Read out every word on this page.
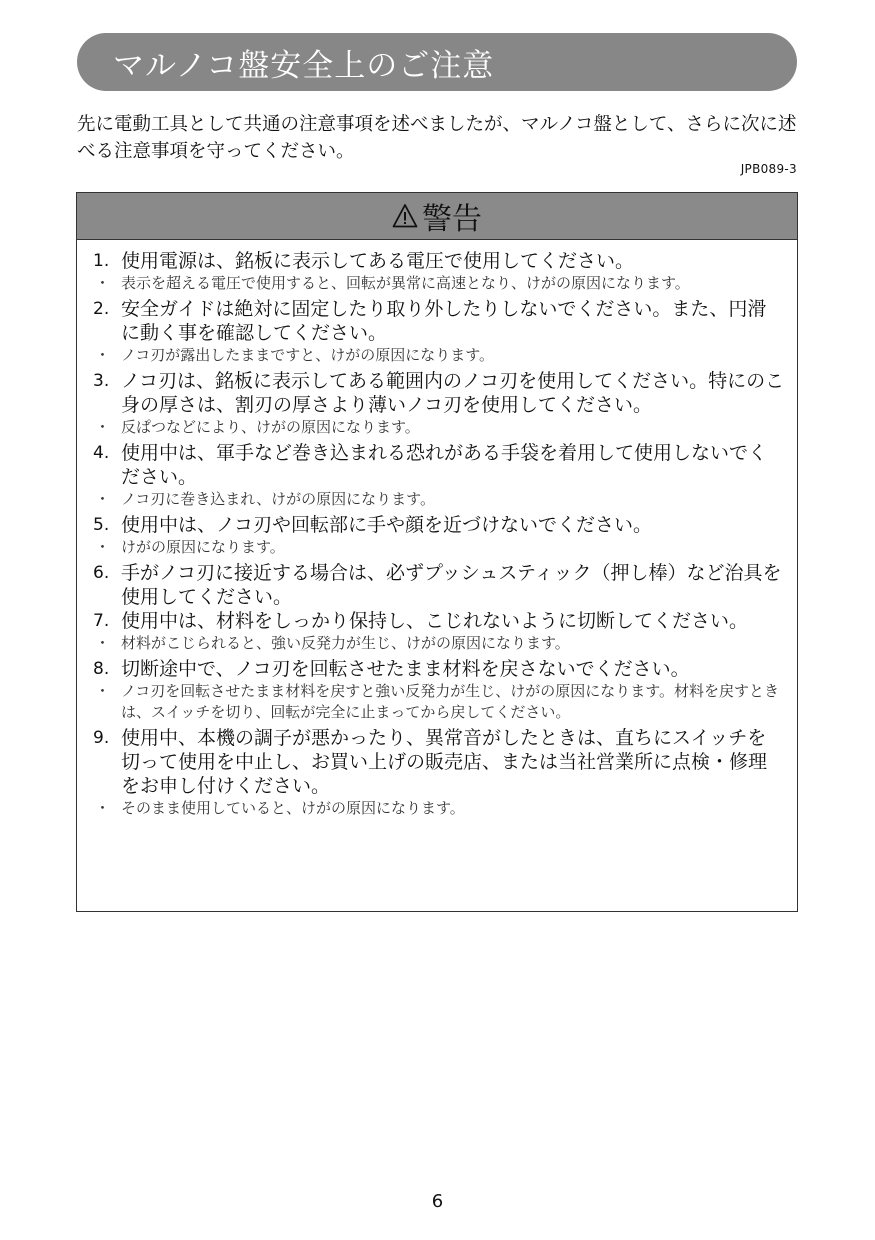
マルノコ盤安全上のご注意

先に電動工具として共通の注意事項を述べましたが、マルノコ盤として、さらに次に述べる注意事項を守ってください。

JPB089-3
警告

1. 使用電源は、銘板に表示してある電圧で使用してください。

・ 表示を超える電圧で使用すると、回転が異常に高速となり、けがの原因になります。

2. 安全ガイドは絶対に固定したり取り外したりしないでください。また、円滑に動く事を確認してください。

・ ノコ刃が露出したままですと、けがの原因になります。

3. ノコ刃は、銘板に表示してある範囲内のノコ刃を使用してください。特にのこ身の厚さは、割刃の厚さより薄いノコ刃を使用してください。

・ 反ぱつなどにより、けがの原因になります。

4. 使用中は、軍手など巻き込まれる恐れがある手袋を着用して使用しないでください。

・ ノコ刃に巻き込まれ、けがの原因になります。

5. 使用中は、ノコ刃や回転部に手や顔を近づけないでください。

・ けがの原因になります。

6. 手がノコ刃に接近する場合は、必ずプッシュスティック（押し棒）など治具を使用してください。

7. 使用中は、材料をしっかり保持し、こじれないように切断してください。

・ 材料がこじられると、強い反発力が生じ、けがの原因になります。

8. 切断途中で、ノコ刃を回転させたまま材料を戻さないでください。

・ ノコ刃を回転させたまま材料を戻すと強い反発力が生じ、けがの原因になります。材料を戻すときは、スイッチを切り、回転が完全に止まってから戻してください。

9. 使用中、本機の調子が悪かったり、異常音がしたときは、直ちにスイッチを切って使用を中止し、お買い上げの販売店、または当社営業所に点検・修理をお申し付けください。

・ そのまま使用していると、けがの原因になります。

6
